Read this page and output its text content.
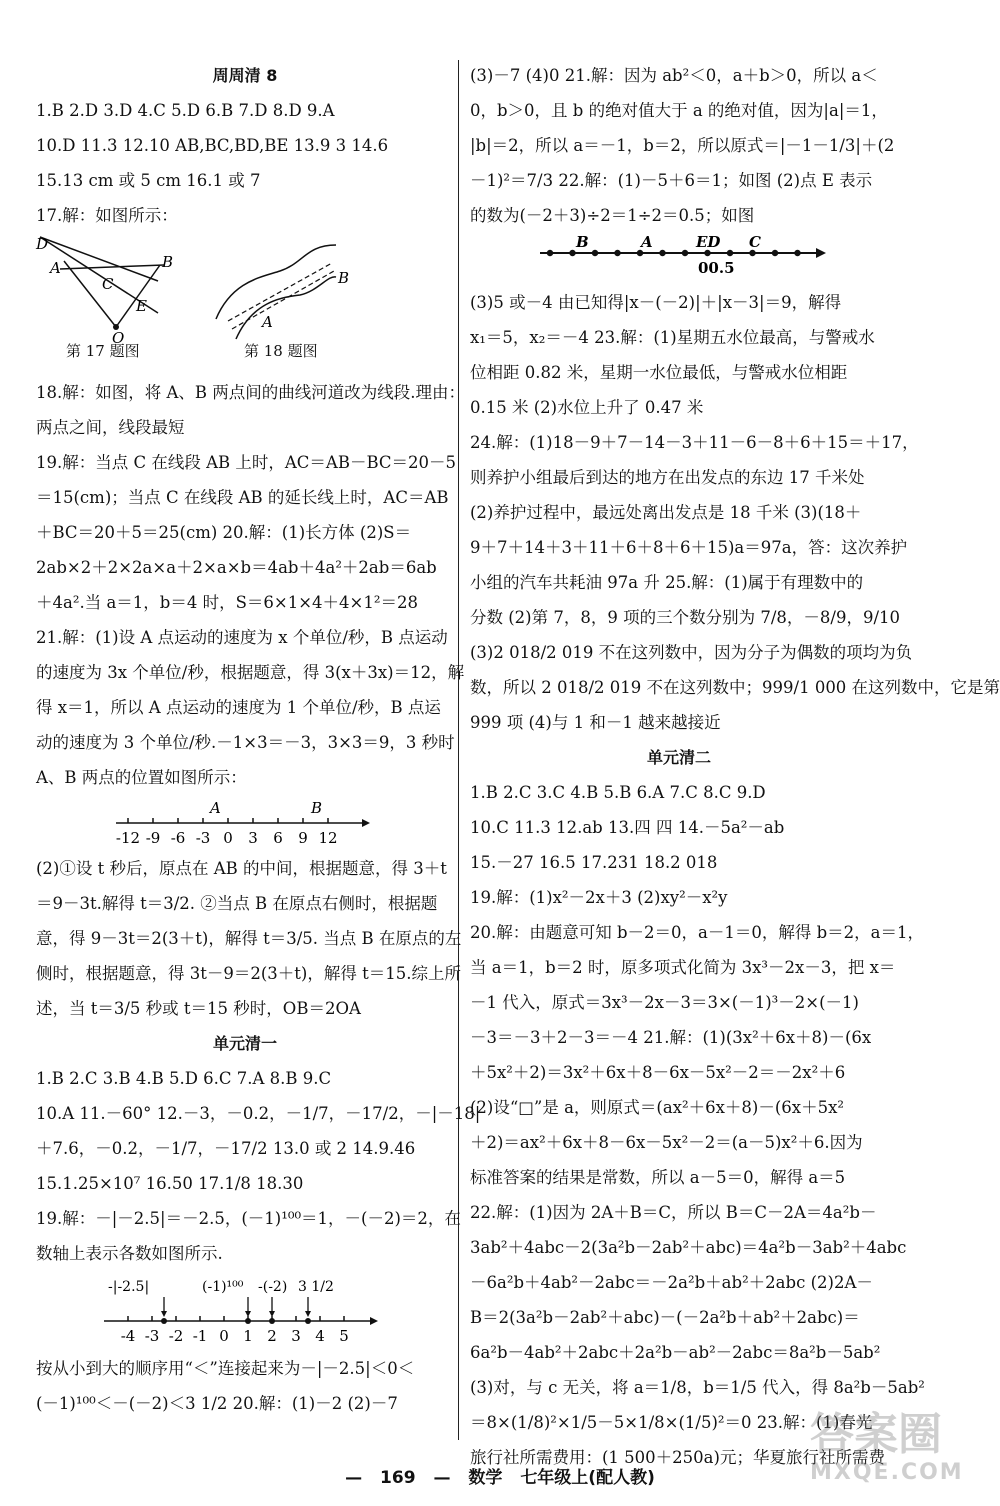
周周清 8
1.B 2.D 3.D 4.C 5.D 6.B 7.D 8.D 9.A
10.D 11.3 12.10 AB,BC,BD,BE 13.9 3 14.6
15.13 cm 或 5 cm 16.1 或 7
17.解：如图所示：
D
A
C
B
E
O
B
A
第 17 题图	第 18 题图
18.解：如图，将 A、B 两点间的曲线河道改为线段.理由：
两点之间，线段最短
19.解：当点 C 在线段 AB 上时，AC＝AB－BC＝20－5
＝15(cm)；当点 C 在线段 AB 的延长线上时，AC＝AB
＋BC＝20＋5＝25(cm) 20.解：(1)长方体 (2)S＝
2ab×2＋2×2a×a＋2×a×b＝4ab＋4a²＋2ab＝6ab
＋4a².当 a＝1，b＝4 时，S＝6×1×4＋4×1²＝28
21.解：(1)设 A 点运动的速度为 x 个单位/秒，B 点运动
的速度为 3x 个单位/秒，根据题意，得 3(x＋3x)＝12，解
得 x＝1，所以 A 点运动的速度为 1 个单位/秒，B 点运
动的速度为 3 个单位/秒.－1×3＝－3，3×3＝9，3 秒时
A、B 两点的位置如图所示：
-12 -9 -6 -3 0 3 6 9 12
A	B
(2)①设 t 秒后，原点在 AB 的中间，根据题意，得 3＋t
＝9－3t.解得 t＝3/2. ②当点 B 在原点右侧时，根据题
意，得 9－3t＝2(3＋t)，解得 t＝3/5. 当点 B 在原点的左
侧时，根据题意，得 3t－9＝2(3＋t)，解得 t＝15.综上所
述，当 t＝3/5 秒或 t＝15 秒时，OB＝2OA
单元清一
1.B 2.C 3.B 4.B 5.D 6.C 7.A 8.B 9.C
10.A 11.－60° 12.－3，－0.2，－1/7，－17/2，－|－18|
＋7.6，－0.2，－1/7，－17/2 13.0 或 2 14.9.46
15.1.25×10⁷ 16.50 17.1/8 18.30
19.解：－|－2.5|＝－2.5，(－1)¹⁰⁰＝1，－(－2)＝2，在
数轴上表示各数如图所示.
-|-2.5|	(-1)¹⁰⁰ -(-2) 3 1/2
-4 -3 -2 -1 0 1 2 3 4 5
按从小到大的顺序用“＜”连接起来为－|－2.5|＜0＜
(－1)¹⁰⁰＜－(－2)＜3 1/2 20.解：(1)－2 (2)－7
(3)－7 (4)0 21.解：因为 ab²＜0，a＋b＞0，所以 a＜
0，b＞0，且 b 的绝对值大于 a 的绝对值，因为|a|＝1，
|b|＝2，所以 a＝－1，b＝2，所以原式＝|－1－1/3|＋(2
－1)²＝7/3 22.解：(1)－5＋6＝1；如图 (2)点 E 表示
的数为(－2＋3)÷2＝1÷2＝0.5；如图
B	A	ED C
00.5
(3)5 或－4 由已知得|x－(－2)|＋|x－3|＝9，解得
x₁＝5，x₂＝－4 23.解：(1)星期五水位最高，与警戒水
位相距 0.82 米，星期一水位最低，与警戒水位相距
0.15 米 (2)水位上升了 0.47 米
24.解：(1)18－9＋7－14－3＋11－6－8＋6＋15＝＋17，
则养护小组最后到达的地方在出发点的东边 17 千米处
(2)养护过程中，最远处离出发点是 18 千米 (3)(18＋
9＋7＋14＋3＋11＋6＋8＋6＋15)a＝97a，答：这次养护
小组的汽车共耗油 97a 升 25.解：(1)属于有理数中的
分数 (2)第 7，8，9 项的三个数分别为 7/8，－8/9，9/10
(3)2 018/2 019 不在这列数中，因为分子为偶数的项均为负
数，所以 2 018/2 019 不在这列数中；999/1 000 在这列数中，它是第
999 项 (4)与 1 和－1 越来越接近
单元清二
1.B 2.C 3.C 4.B 5.B 6.A 7.C 8.C 9.D
10.C 11.3 12.ab 13.四 四 14.－5a²－ab
15.－27 16.5 17.231 18.2 018
19.解：(1)x²－2x＋3 (2)xy²－x²y
20.解：由题意可知 b－2＝0，a－1＝0，解得 b＝2，a＝1，
当 a＝1，b＝2 时，原多项式化简为 3x³－2x－3，把 x＝
－1 代入，原式＝3x³－2x－3＝3×(－1)³－2×(－1)
－3＝－3＋2－3＝－4 21.解：(1)(3x²＋6x＋8)－(6x
＋5x²＋2)＝3x²＋6x＋8－6x－5x²－2＝－2x²＋6
(2)设“□”是 a，则原式＝(ax²＋6x＋8)－(6x＋5x²
＋2)＝ax²＋6x＋8－6x－5x²－2＝(a－5)x²＋6.因为
标准答案的结果是常数，所以 a－5＝0，解得 a＝5
22.解：(1)因为 2A＋B＝C，所以 B＝C－2A＝4a²b－
3ab²＋4abc－2(3a²b－2ab²＋abc)＝4a²b－3ab²＋4abc
－6a²b＋4ab²－2abc＝－2a²b＋ab²＋2abc (2)2A－
B＝2(3a²b－2ab²＋abc)－(－2a²b＋ab²＋2abc)＝
6a²b－4ab²＋2abc＋2a²b－ab²－2abc＝8a²b－5ab²
(3)对，与 c 无关，将 a＝1/8，b＝1/5 代入，得 8a²b－5ab²
＝8×(1/8)²×1/5－5×1/8×(1/5)²＝0 23.解：(1)春光
旅行社所需费用：(1 500＋250a)元；华夏旅行社所需费
— 169 — 数学 七年级上(配人教)
答案圈
MXQE.COM
